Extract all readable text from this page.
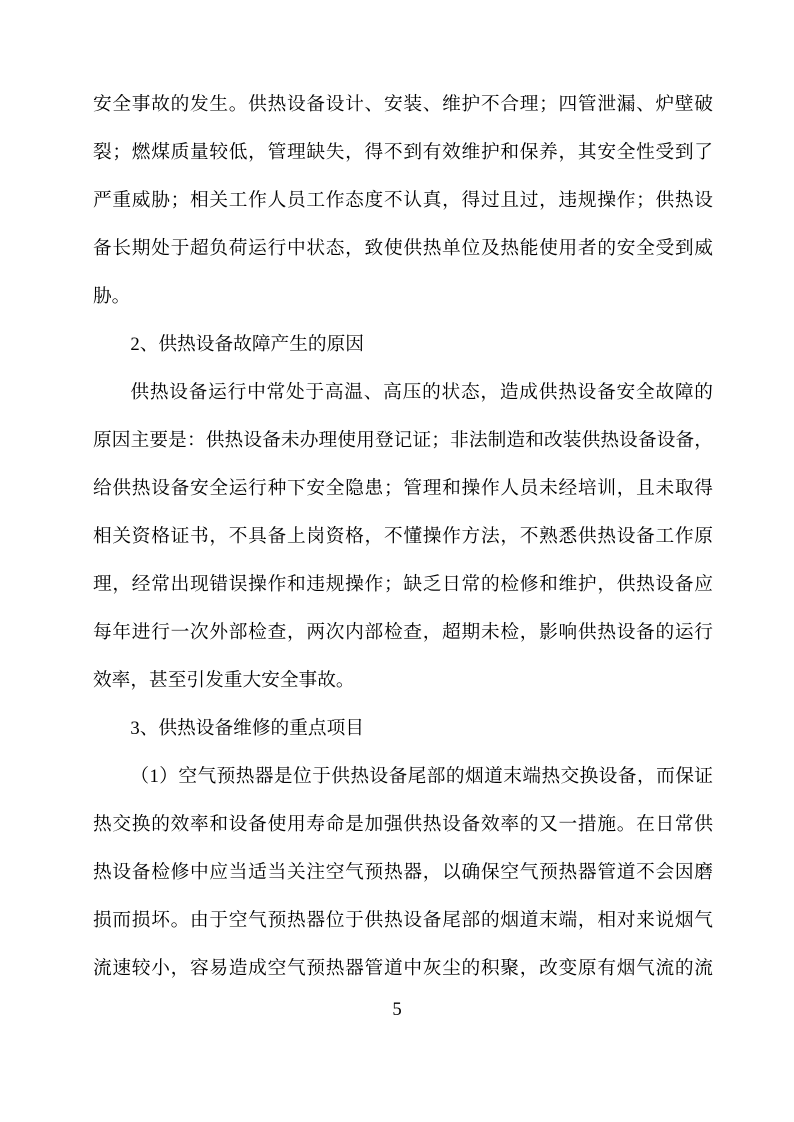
安全事故的发生。供热设备设计、安装、维护不合理；四管泄漏、炉壁破
裂；燃煤质量较低，管理缺失，得不到有效维护和保养，其安全性受到了
严重威胁；相关工作人员工作态度不认真，得过且过，违规操作；供热设
备长期处于超负荷运行中状态，致使供热单位及热能使用者的安全受到威
胁。
2、供热设备故障产生的原因
供热设备运行中常处于高温、高压的状态，造成供热设备安全故障的
原因主要是：供热设备未办理使用登记证；非法制造和改装供热设备设备，
给供热设备安全运行种下安全隐患；管理和操作人员未经培训，且未取得
相关资格证书，不具备上岗资格，不懂操作方法，不熟悉供热设备工作原
理，经常出现错误操作和违规操作；缺乏日常的检修和维护，供热设备应
每年进行一次外部检查，两次内部检查，超期未检，影响供热设备的运行
效率，甚至引发重大安全事故。
3、供热设备维修的重点项目
（1）空气预热器是位于供热设备尾部的烟道末端热交换设备，而保证
热交换的效率和设备使用寿命是加强供热设备效率的又一措施。在日常供
热设备检修中应当适当关注空气预热器，以确保空气预热器管道不会因磨
损而损坏。由于空气预热器位于供热设备尾部的烟道末端，相对来说烟气
流速较小，容易造成空气预热器管道中灰尘的积聚，改变原有烟气流的流
5
